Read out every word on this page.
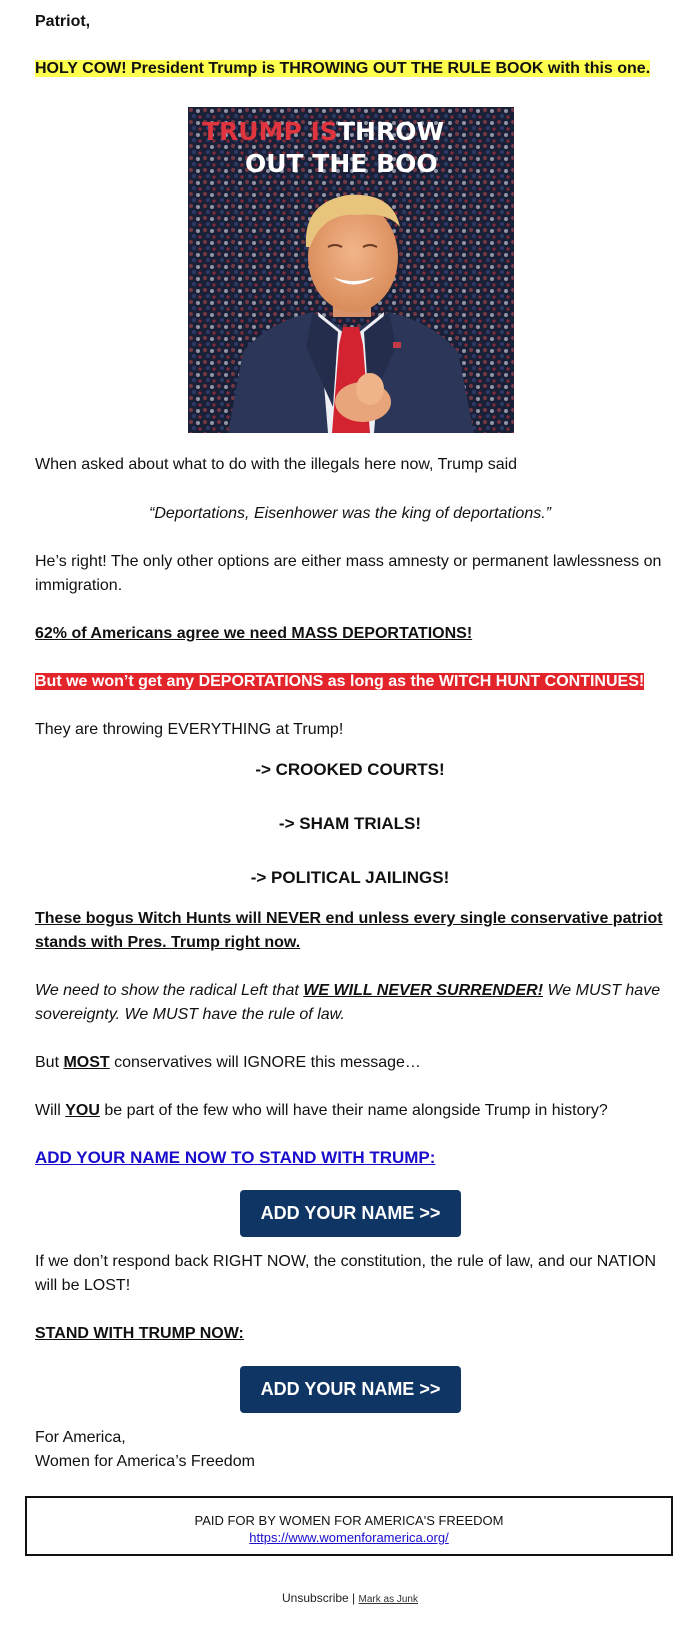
Patriot,

HOLY COW! President Trump is THROWING OUT THE RULE BOOK with this one.

TRUMP IS THROW
OUT THE BOO

When asked about what to do with the illegals here now, Trump said

“Deportations, Eisenhower was the king of deportations.”

He’s right! The only other options are either mass amnesty or permanent lawlessness on immigration.

62% of Americans agree we need MASS DEPORTATIONS!

But we won’t get any DEPORTATIONS as long as the WITCH HUNT CONTINUES!

They are throwing EVERYTHING at Trump!

-> CROOKED COURTS!

-> SHAM TRIALS!

-> POLITICAL JAILINGS!

These bogus Witch Hunts will NEVER end unless every single conservative patriot stands with Pres. Trump right now.

We need to show the radical Left that WE WILL NEVER SURRENDER! We MUST have sovereignty. We MUST have the rule of law.

But MOST conservatives will IGNORE this message…

Will YOU be part of the few who will have their name alongside Trump in history?

ADD YOUR NAME NOW TO STAND WITH TRUMP:

ADD YOUR NAME >>

If we don’t respond back RIGHT NOW, the constitution, the rule of law, and our NATION will be LOST!

STAND WITH TRUMP NOW:

ADD YOUR NAME >>

For America,

Women for America’s Freedom

PAID FOR BY WOMEN FOR AMERICA'S FREEDOM
https://www.womenforamerica.org/
Unsubscribe | Mark as Junk
